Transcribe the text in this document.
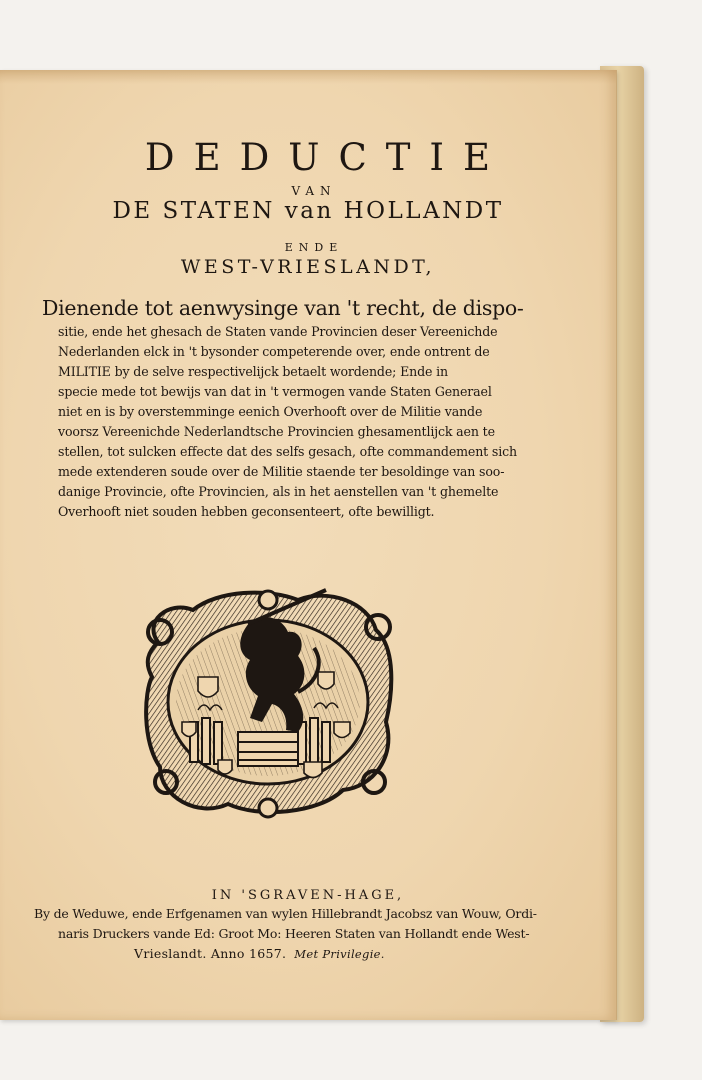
DEDUCTIE
VAN
DE STATEN van HOLLANDT
ENDE
WEST-VRIESLANDT,
Dienende tot aenwysinge van 't recht, de dispo-
sitie, ende het ghesach de Staten vande Provincien deser Vereenichde
Nederlanden elck in 't bysonder competerende over, ende ontrent de
MILITIE by de selve respectivelijck betaelt wordende; Ende in
specie mede tot bewijs van dat in 't vermogen vande Staten Generael
niet en is by overstemminge eenich Overhooft over de Militie vande
voorsz Vereenichde Nederlandtsche Provincien ghesamentlijck aen te
stellen, tot sulcken effecte dat des selfs gesach, ofte commandement sich
mede extenderen soude over de Militie staende ter besoldinge van soo-
danige Provincie, ofte Provincien, als in het aenstellen van 't ghemelte
Overhooft niet souden hebben geconsenteert, ofte bewilligt.
IN 'SGRAVEN-HAGE,
By de Weduwe, ende Erfgenamen van wylen Hillebrandt Jacobsz van Wouw, Ordi-
naris Druckers vande Ed: Groot Mo: Heeren Staten van Hollandt ende West-
Vrieslandt. Anno 1657. Met Privilegie.
